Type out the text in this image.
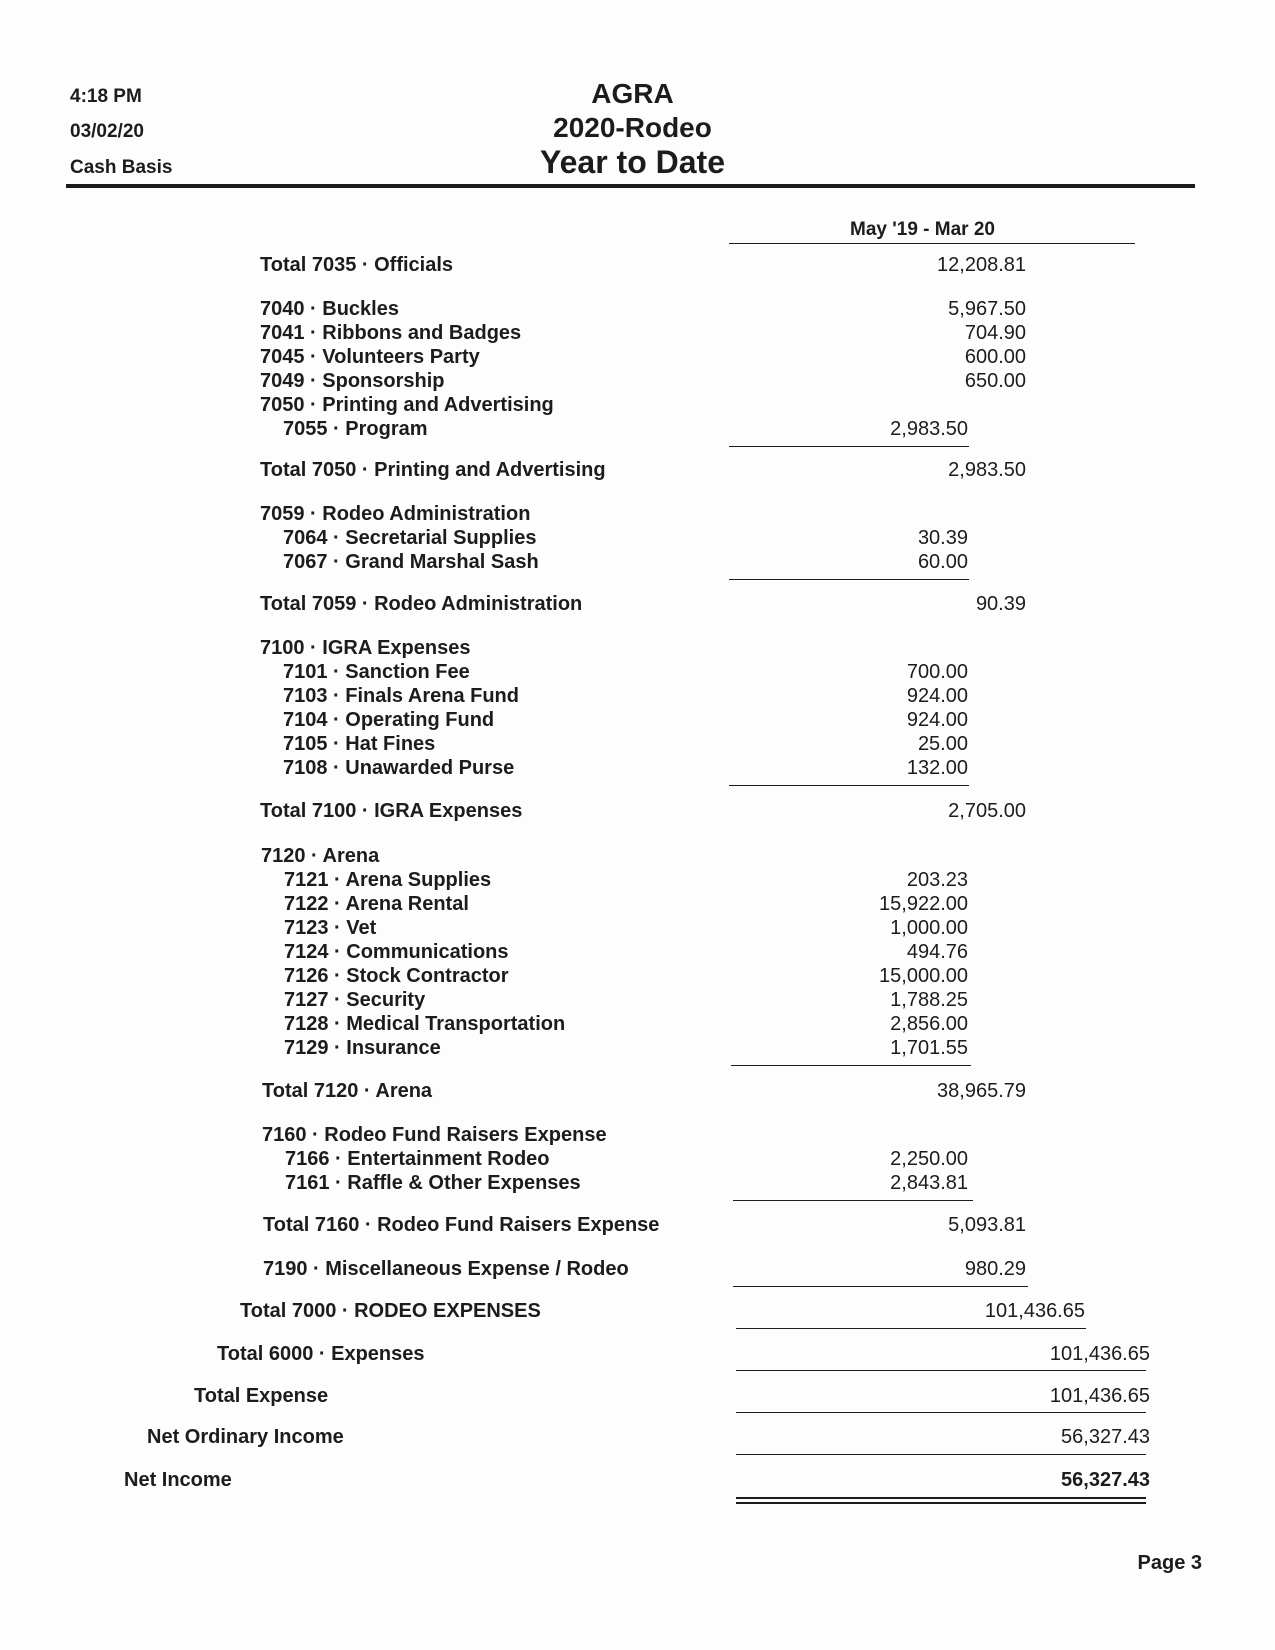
4:18 PM
03/02/20
Cash Basis
AGRA
2020-Rodeo
Year to Date
May '19 - Mar 20
Total 7035 · Officials	12,208.81
7040 · Buckles	5,967.50
7041 · Ribbons and Badges	704.90
7045 · Volunteers Party	600.00
7049 · Sponsorship	650.00
7050 · Printing and Advertising
7055 · Program	2,983.50
Total 7050 · Printing and Advertising	2,983.50
7059 · Rodeo Administration
7064 · Secretarial Supplies	30.39
7067 · Grand Marshal Sash	60.00
Total 7059 · Rodeo Administration	90.39
7100 · IGRA Expenses
7101 · Sanction Fee	700.00
7103 · Finals Arena Fund	924.00
7104 · Operating Fund	924.00
7105 · Hat Fines	25.00
7108 · Unawarded Purse	132.00
Total 7100 · IGRA Expenses	2,705.00
7120 · Arena
7121 · Arena Supplies	203.23
7122 · Arena Rental	15,922.00
7123 · Vet	1,000.00
7124 · Communications	494.76
7126 · Stock Contractor	15,000.00
7127 · Security	1,788.25
7128 · Medical Transportation	2,856.00
7129 · Insurance	1,701.55
Total 7120 · Arena	38,965.79
7160 · Rodeo Fund Raisers Expense
7166 · Entertainment Rodeo	2,250.00
7161 · Raffle & Other Expenses	2,843.81
Total 7160 · Rodeo Fund Raisers Expense	5,093.81
7190 · Miscellaneous Expense / Rodeo	980.29
Total 7000 · RODEO EXPENSES	101,436.65
Total 6000 · Expenses	101,436.65
Total Expense	101,436.65
Net Ordinary Income	56,327.43
Net Income	56,327.43
Page 3
